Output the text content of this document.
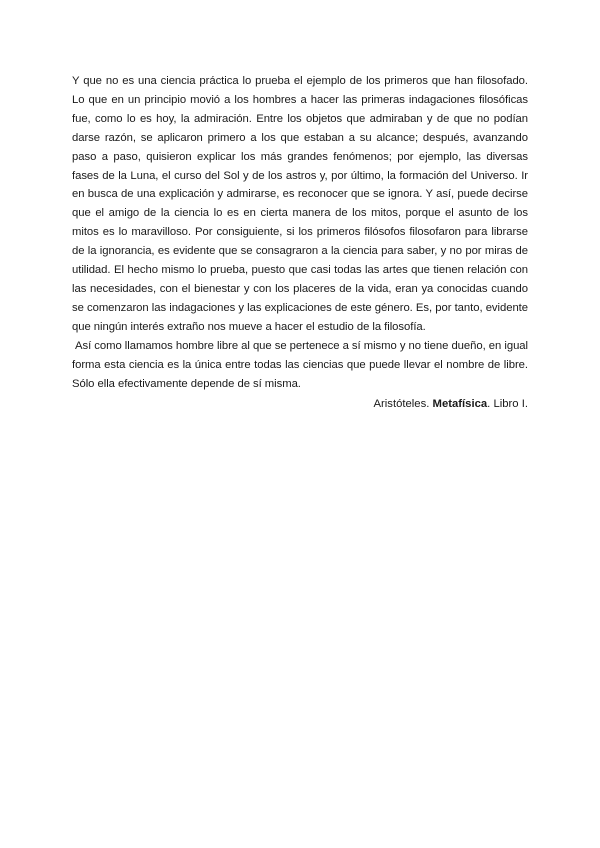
Y que no es una ciencia práctica lo prueba el ejemplo de los primeros que han filosofado. Lo que en un principio movió a los hombres a hacer las primeras indagaciones filosóficas fue, como lo es hoy, la admiración. Entre los objetos que admiraban y de que no podían darse razón, se aplicaron primero a los que estaban a su alcance; después, avanzando paso a paso, quisieron explicar los más grandes fenómenos; por ejemplo, las diversas fases de la Luna, el curso del Sol y de los astros y, por último, la formación del Universo. Ir en busca de una explicación y admirarse, es reconocer que se ignora. Y así, puede decirse que el amigo de la ciencia lo es en cierta manera de los mitos, porque el asunto de los mitos es lo maravilloso. Por consiguiente, si los primeros filósofos filosofaron para librarse de la ignorancia, es evidente que se consagraron a la ciencia para saber, y no por miras de utilidad. El hecho mismo lo prueba, puesto que casi todas las artes que tienen relación con las necesidades, con el bienestar y con los placeres de la vida, eran ya conocidas cuando se comenzaron las indagaciones y las explicaciones de este género. Es, por tanto, evidente que ningún interés extraño nos mueve a hacer el estudio de la filosofía.

Así como llamamos hombre libre al que se pertenece a sí mismo y no tiene dueño, en igual forma esta ciencia es la única entre todas las ciencias que puede llevar el nombre de libre. Sólo ella efectivamente depende de sí misma.

Aristóteles. Metafísica. Libro I.
